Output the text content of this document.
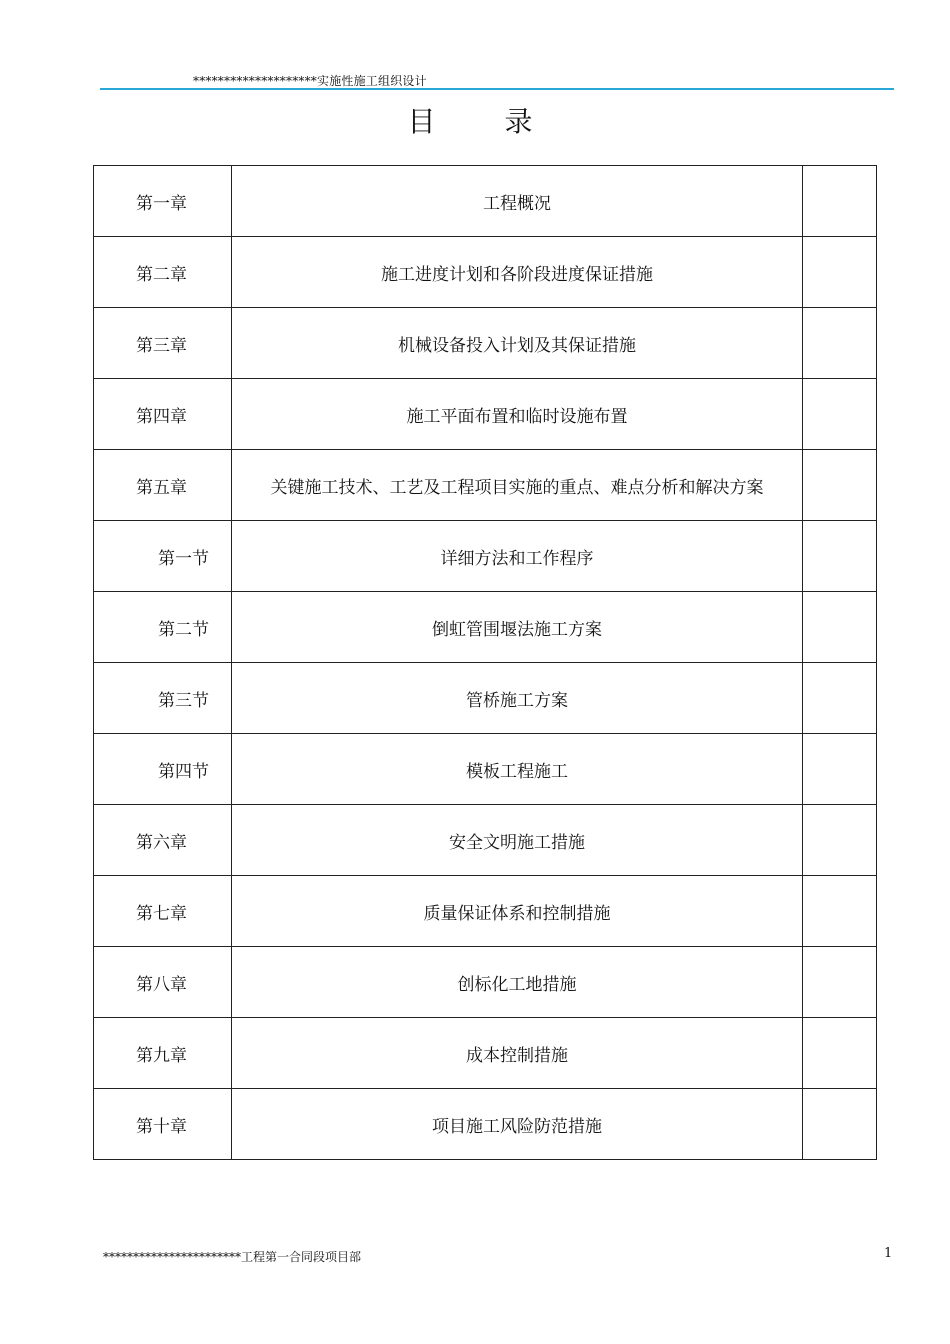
********************实施性施工组织设计
目 录
第一章	工程概况	
第二章	施工进度计划和各阶段进度保证措施	
第三章	机械设备投入计划及其保证措施	
第四章	施工平面布置和临时设施布置	
第五章	关键施工技术、工艺及工程项目实施的重点、难点分析和解决方案	
第一节	详细方法和工作程序	
第二节	倒虹管围堰法施工方案	
第三节	管桥施工方案	
第四节	模板工程施工	
第六章	安全文明施工措施	
第七章	质量保证体系和控制措施	
第八章	创标化工地措施	
第九章	成本控制措施	
第十章	项目施工风险防范措施	
***********************工程第一合同段项目部	1
